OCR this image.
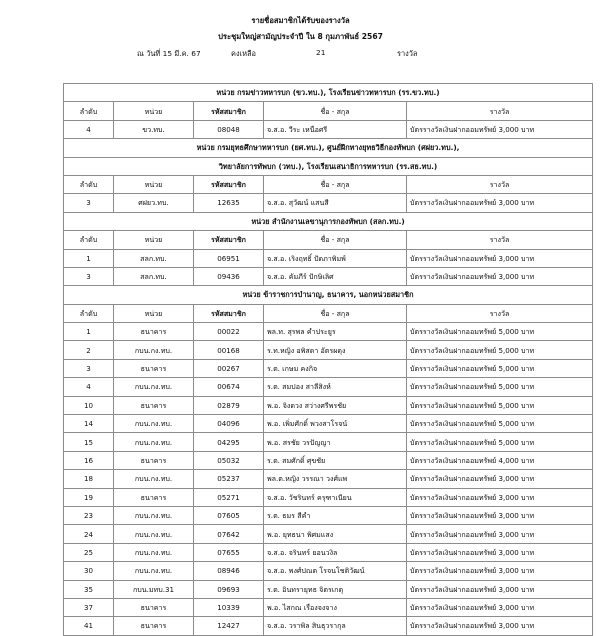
รายชื่อสมาชิกได้รับของรางวัล
ประชุมใหญ่สามัญประจำปี ใน 8 กุมภาพันธ์ 2567
ณ วันที่ 15 มี.ค. 67	คงเหลือ	21	รางวัล
หน่วย กรมข่าวทหารบก (ขว.ทบ.), โรงเรียนข่าวทหารบก (รร.ขว.ทบ.)				
ลำดับ	หน่วย	รหัสสมาชิก	ชื่อ - สกุล	รางวัล
4	ขว.ทบ.	08048	จ.ส.อ. วีระ เหนือศรี	บัตรรางวัลเงินฝากออมทรัพย์ 3,000 บาท
หน่วย กรมยุทธศึกษาทหารบก (ยศ.ทบ.), ศูนย์ฝึกทางยุทธวิธีกองทัพบก (ศฝยว.ทบ.),				
วิทยาลัยการทัพบก (วทบ.), โรงเรียนเสนาธิการทหารบก (รร.สธ.ทบ.)				
ลำดับ	หน่วย	รหัสสมาชิก	ชื่อ - สกุล	รางวัล
3	ศฝยว.ทบ.	12635	จ.ส.อ. สุวัฒน์ แสนสี	บัตรรางวัลเงินฝากออมทรัพย์ 3,000 บาท
หน่วย สำนักงานเลขานุการกองทัพบก (สลก.ทบ.)				
ลำดับ	หน่วย	รหัสสมาชิก	ชื่อ - สกุล	รางวัล
1	สลก.ทบ.	06951	จ.ส.อ. เริงฤทธิ์ ปัดภาพิมพ์	บัตรรางวัลเงินฝากออมทรัพย์ 3,000 บาท
3	สลก.ทบ.	09436	จ.ส.อ. คัมภีร์ ปักษิเลิศ	บัตรรางวัลเงินฝากออมทรัพย์ 3,000 บาท
หน่วย ข้าราชการบำนาญ, ธนาคาร, นอกหน่วยสมาชิก				
ลำดับ	หน่วย	รหัสสมาชิก	ชื่อ - สกุล	รางวัล
1	ธนาคาร	00022	พล.ท. สุรพล คำประยูร	บัตรรางวัลเงินฝากออมทรัพย์ 5,000 บาท
2	กบน.กง.ทบ.	00168	ร.ท.หญิง อพิสดา อัตรผดุง	บัตรรางวัลเงินฝากออมทรัพย์ 5,000 บาท
3	ธนาคาร	00267	ร.ต. เกษม คงกิจ	บัตรรางวัลเงินฝากออมทรัพย์ 5,000 บาท
4	กบน.กง.ทบ.	00674	ร.ต. สมปอง สาลีสิงห์	บัตรรางวัลเงินฝากออมทรัพย์ 5,000 บาท
10	ธนาคาร	02879	พ.อ. จิงดวง สว่างศรีพรชัย	บัตรรางวัลเงินฝากออมทรัพย์ 5,000 บาท
14	กบน.กง.ทบ.	04096	พ.อ. เพิ่มศักดิ์ พวงสาโรจน์	บัตรรางวัลเงินฝากออมทรัพย์ 5,000 บาท
15	กบน.กง.ทบ.	04295	พ.อ. สรชัย วรปัญญา	บัตรรางวัลเงินฝากออมทรัพย์ 5,000 บาท
16	ธนาคาร	05032	ร.ต. สมศักดิ์ ศุขชัย	บัตรรางวัลเงินฝากออมทรัพย์ 4,000 บาท
18	กบน.กง.ทบ.	05237	พล.ต.หญิง วรรณา วงศ์แพ	บัตรรางวัลเงินฝากออมทรัพย์ 3,000 บาท
19	ธนาคาร	05271	จ.ส.อ. วัชรินทร์ ครุฑาเนียน	บัตรรางวัลเงินฝากออมทรัพย์ 3,000 บาท
23	กบน.กง.ทบ.	07605	ร.ต. ธมร สีคำ	บัตรรางวัลเงินฝากออมทรัพย์ 3,000 บาท
24	กบน.กง.ทบ.	07642	พ.อ. ยุทธนา พิศมแสง	บัตรรางวัลเงินฝากออมทรัพย์ 3,000 บาท
25	กบน.กง.ทบ.	07655	จ.ส.อ. จรินทร์ ยอนวงิล	บัตรรางวัลเงินฝากออมทรัพย์ 3,000 บาท
30	กบน.กง.ทบ.	08946	จ.ส.อ. พงศ์ปณต โรจนโชติวัฒน์	บัตรรางวัลเงินฝากออมทรัพย์ 3,000 บาท
35	กบน.มทบ.31	09693	ร.ต. อินทรายุทธ จิตรเกตุ	บัตรรางวัลเงินฝากออมทรัพย์ 3,000 บาท
37	ธนาคาร	10339	พ.อ. ไสกณ เรืองจงจาง	บัตรรางวัลเงินฝากออมทรัพย์ 3,000 บาท
41	ธนาคาร	12427	จ.ส.อ. วราพิล สินธุวรากุล	บัตรรางวัลเงินฝากออมทรัพย์ 3,000 บาท
